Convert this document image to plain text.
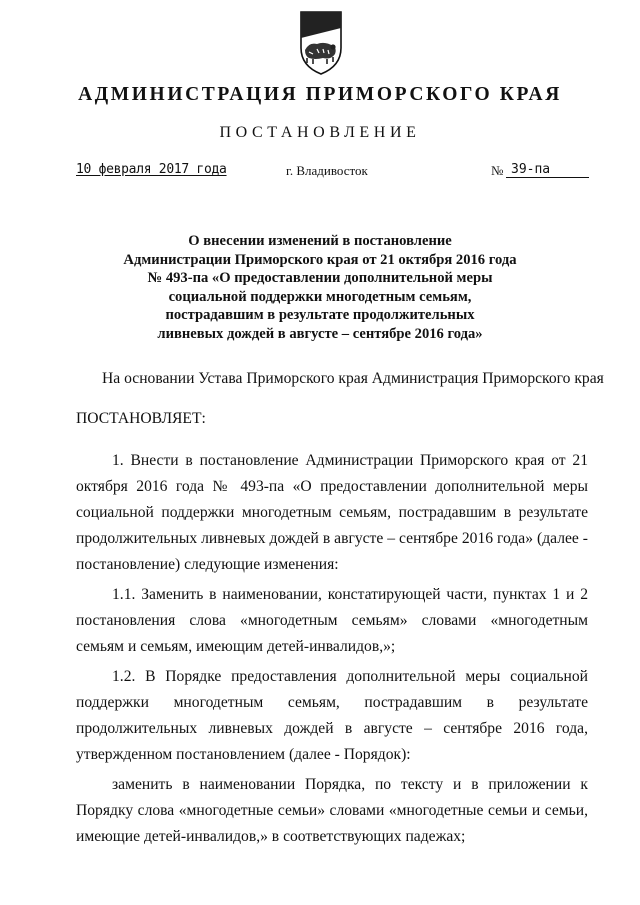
АДМИНИСТРАЦИЯ ПРИМОРСКОГО КРАЯ
ПОСТАНОВЛЕНИЕ
10 февраля 2017 года	г. Владивосток	№ 39-па
О внесении изменений в постановление
Администрации Приморского края от 21 октября 2016 года
№ 493-па «О предоставлении дополнительной меры
социальной поддержки многодетным семьям,
пострадавшим в результате продолжительных
ливневых дождей в августе – сентябре 2016 года»
На основании Устава Приморского края Администрация Приморского края
ПОСТАНОВЛЯЕТ:

1. Внести в постановление Администрации Приморского края от 21 октября 2016 года № 493-па «О предоставлении дополнительной меры социальной поддержки многодетным семьям, пострадавшим в результате продолжительных ливневых дождей в августе – сентябре 2016 года» (далее - постановление) следующие изменения:

1.1. Заменить в наименовании, констатирующей части, пунктах 1 и 2 постановления слова «многодетным семьям» словами «многодетным семьям и семьям, имеющим детей-инвалидов,»;

1.2. В Порядке предоставления дополнительной меры социальной поддержки многодетным семьям, пострадавшим в результате продолжительных ливневых дождей в августе – сентябре 2016 года, утвержденном постановлением (далее - Порядок):

заменить в наименовании Порядка, по тексту и в приложении к Порядку слова «многодетные семьи» словами «многодетные семьи и семьи, имеющие детей-инвалидов,» в соответствующих падежах;
